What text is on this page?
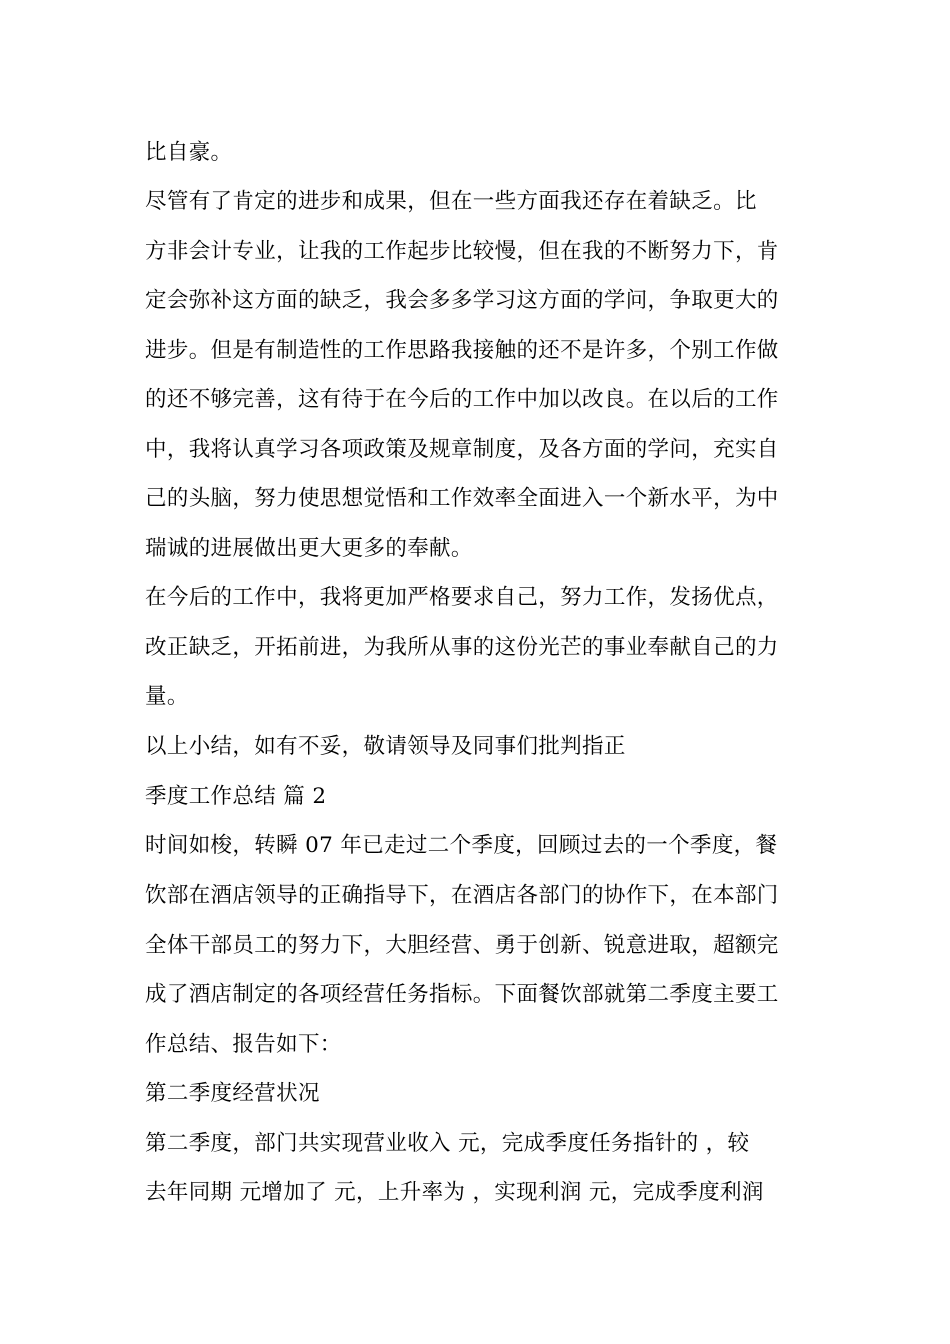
比自豪。
尽管有了肯定的进步和成果，但在一些方面我还存在着缺乏。比
方非会计专业，让我的工作起步比较慢，但在我的不断努力下，肯
定会弥补这方面的缺乏，我会多多学习这方面的学问，争取更大的
进步。但是有制造性的工作思路我接触的还不是许多，个别工作做
的还不够完善，这有待于在今后的工作中加以改良。在以后的工作
中，我将认真学习各项政策及规章制度，及各方面的学问，充实自
己的头脑，努力使思想觉悟和工作效率全面进入一个新水平，为中
瑞诚的进展做出更大更多的奉献。
在今后的工作中，我将更加严格要求自己，努力工作，发扬优点，
改正缺乏，开拓前进，为我所从事的这份光芒的事业奉献自己的力
量。
以上小结，如有不妥，敬请领导及同事们批判指正
季度工作总结 篇 2
时间如梭，转瞬 07 年已走过二个季度，回顾过去的一个季度，餐
饮部在酒店领导的正确指导下，在酒店各部门的协作下，在本部门
全体干部员工的努力下，大胆经营、勇于创新、锐意进取，超额完
成了酒店制定的各项经营任务指标。下面餐饮部就第二季度主要工
作总结、报告如下：
第二季度经营状况
第二季度，部门共实现营业收入 元，完成季度任务指针的 ，较
去年同期 元增加了 元，上升率为 ，实现利润 元，完成季度利润
